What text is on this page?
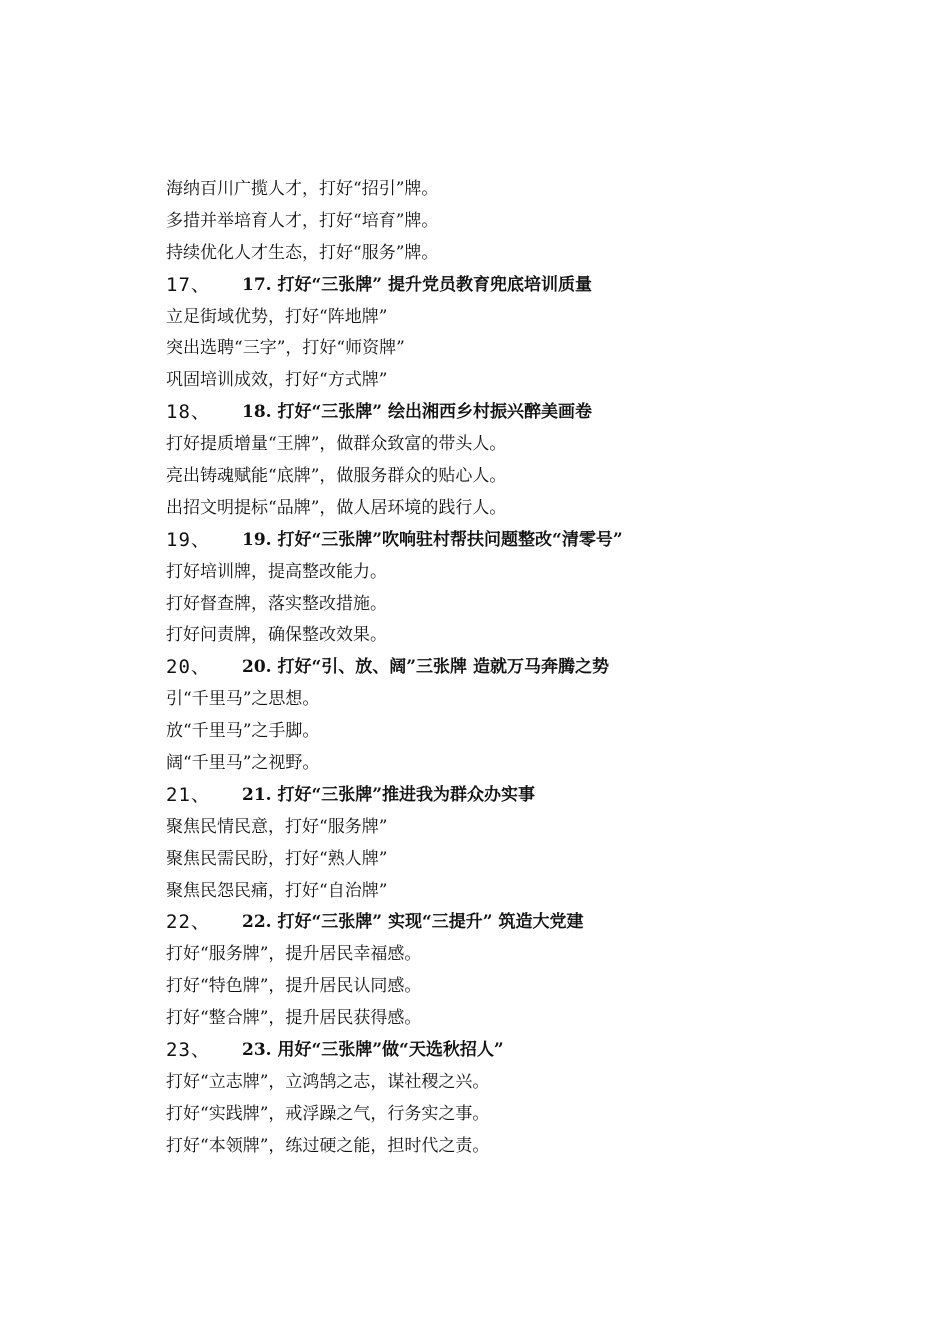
海纳百川广揽人才，打好“招引”牌。
多措并举培育人才，打好“培育”牌。
持续优化人才生态，打好“服务”牌。
17、	17. 打好“三张牌” 提升党员教育兜底培训质量
立足街域优势，打好“阵地牌”
突出选聘“三字”，打好“师资牌”
巩固培训成效，打好“方式牌”
18、	18. 打好“三张牌” 绘出湘西乡村振兴醉美画卷
打好提质增量“王牌”，做群众致富的带头人。
亮出铸魂赋能“底牌”，做服务群众的贴心人。
出招文明提标“品牌”，做人居环境的践行人。
19、	19. 打好“三张牌”吹响驻村帮扶问题整改“清零号”
打好培训牌，提高整改能力。
打好督查牌，落实整改措施。
打好问责牌，确保整改效果。
20、	20. 打好“引、放、阔”三张牌 造就万马奔腾之势
引“千里马”之思想。
放“千里马”之手脚。
阔“千里马”之视野。
21、	21. 打好“三张牌”推进我为群众办实事
聚焦民情民意，打好“服务牌”
聚焦民需民盼，打好“熟人牌”
聚焦民怨民痛，打好“自治牌”
22、	22. 打好“三张牌” 实现“三提升” 筑造大党建
打好“服务牌”，提升居民幸福感。
打好“特色牌”，提升居民认同感。
打好“整合牌”，提升居民获得感。
23、	23. 用好“三张牌”做“天选秋招人”
打好“立志牌”，立鸿鹄之志，谋社稷之兴。
打好“实践牌”，戒浮躁之气，行务实之事。
打好“本领牌”，练过硬之能，担时代之责。
